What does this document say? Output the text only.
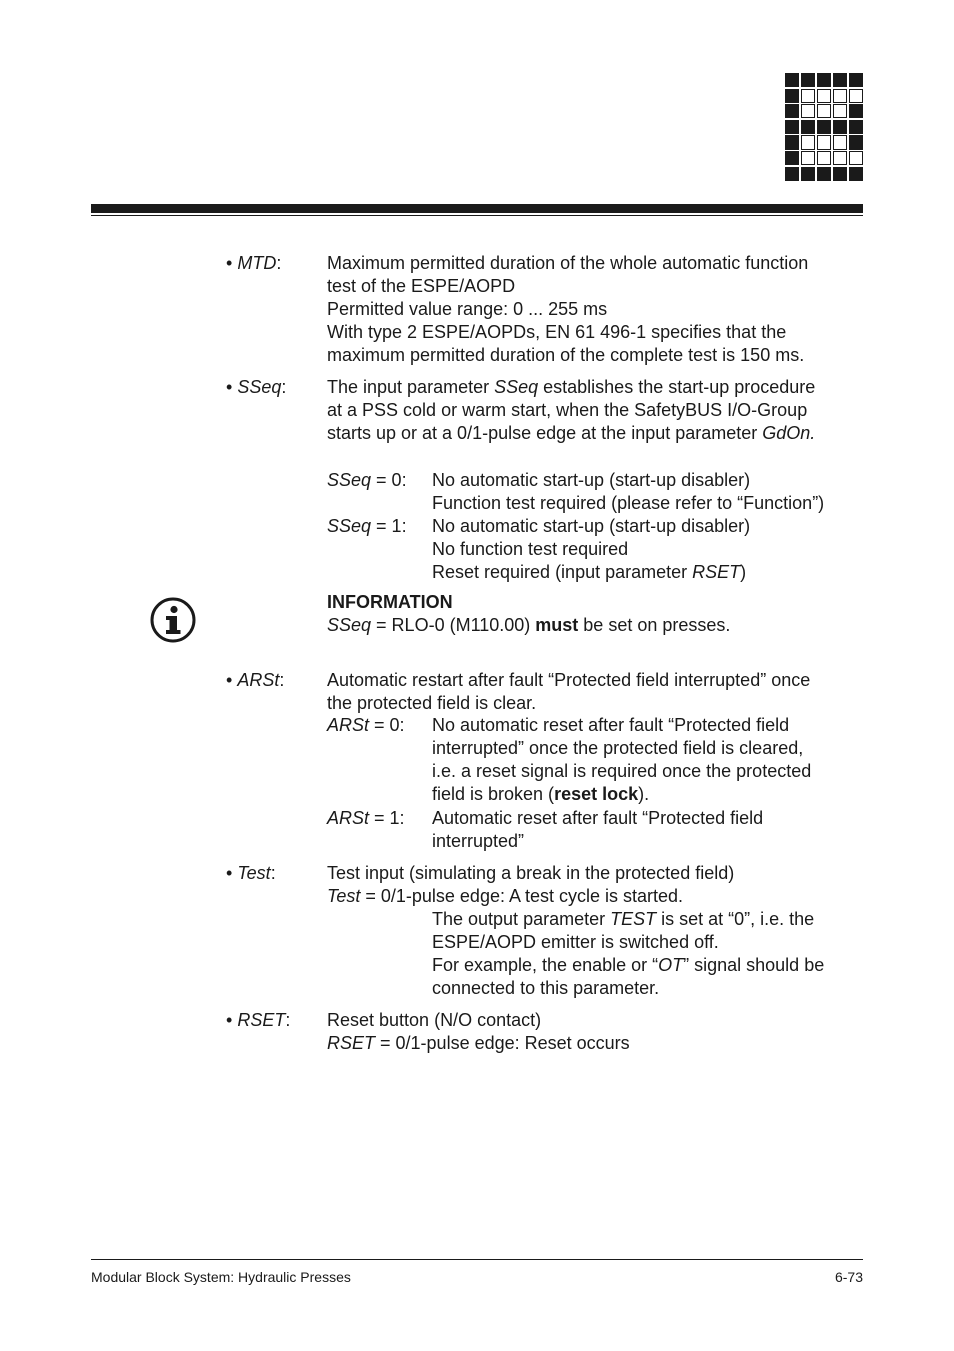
• MTD:	Maximum permitted duration of the whole automatic function
test of the ESPE/AOPD
Permitted value range: 0 ... 255 ms
With type 2 ESPE/AOPDs, EN 61 496-1 specifies that the
maximum permitted duration of the complete test is 150 ms.
• SSeq: The input parameter SSeq establishes the start-up procedure
at a PSS cold or warm start, when the SafetyBUS I/O-Group
starts up or at a 0/1-pulse edge at the input parameter GdOn.
SSeq = 0: No automatic start-up (start-up disabler)
Function test required (please refer to “Function”)
SSeq = 1: No automatic start-up (start-up disabler)
No function test required
Reset required (input parameter RSET)
INFORMATION
SSeq = RLO-0 (M110.00) must be set on presses.
• ARSt: Automatic restart after fault “Protected field interrupted” once
the protected field is clear.
ARSt = 0: No automatic reset after fault “Protected field
interrupted” once the protected field is cleared,
i.e. a reset signal is required once the protected
field is broken (reset lock).
ARSt = 1: Automatic reset after fault “Protected field
interrupted”
• Test:	Test input (simulating a break in the protected field)
Test = 0/1-pulse edge: A test cycle is started.
The output parameter TEST is set at “0”, i.e. the
ESPE/AOPD emitter is switched off.
For example, the enable or “OT” signal should be
connected to this parameter.
• RSET: Reset button (N/O contact)
RSET = 0/1-pulse edge: Reset occurs
Modular Block System: Hydraulic Presses	6-73
